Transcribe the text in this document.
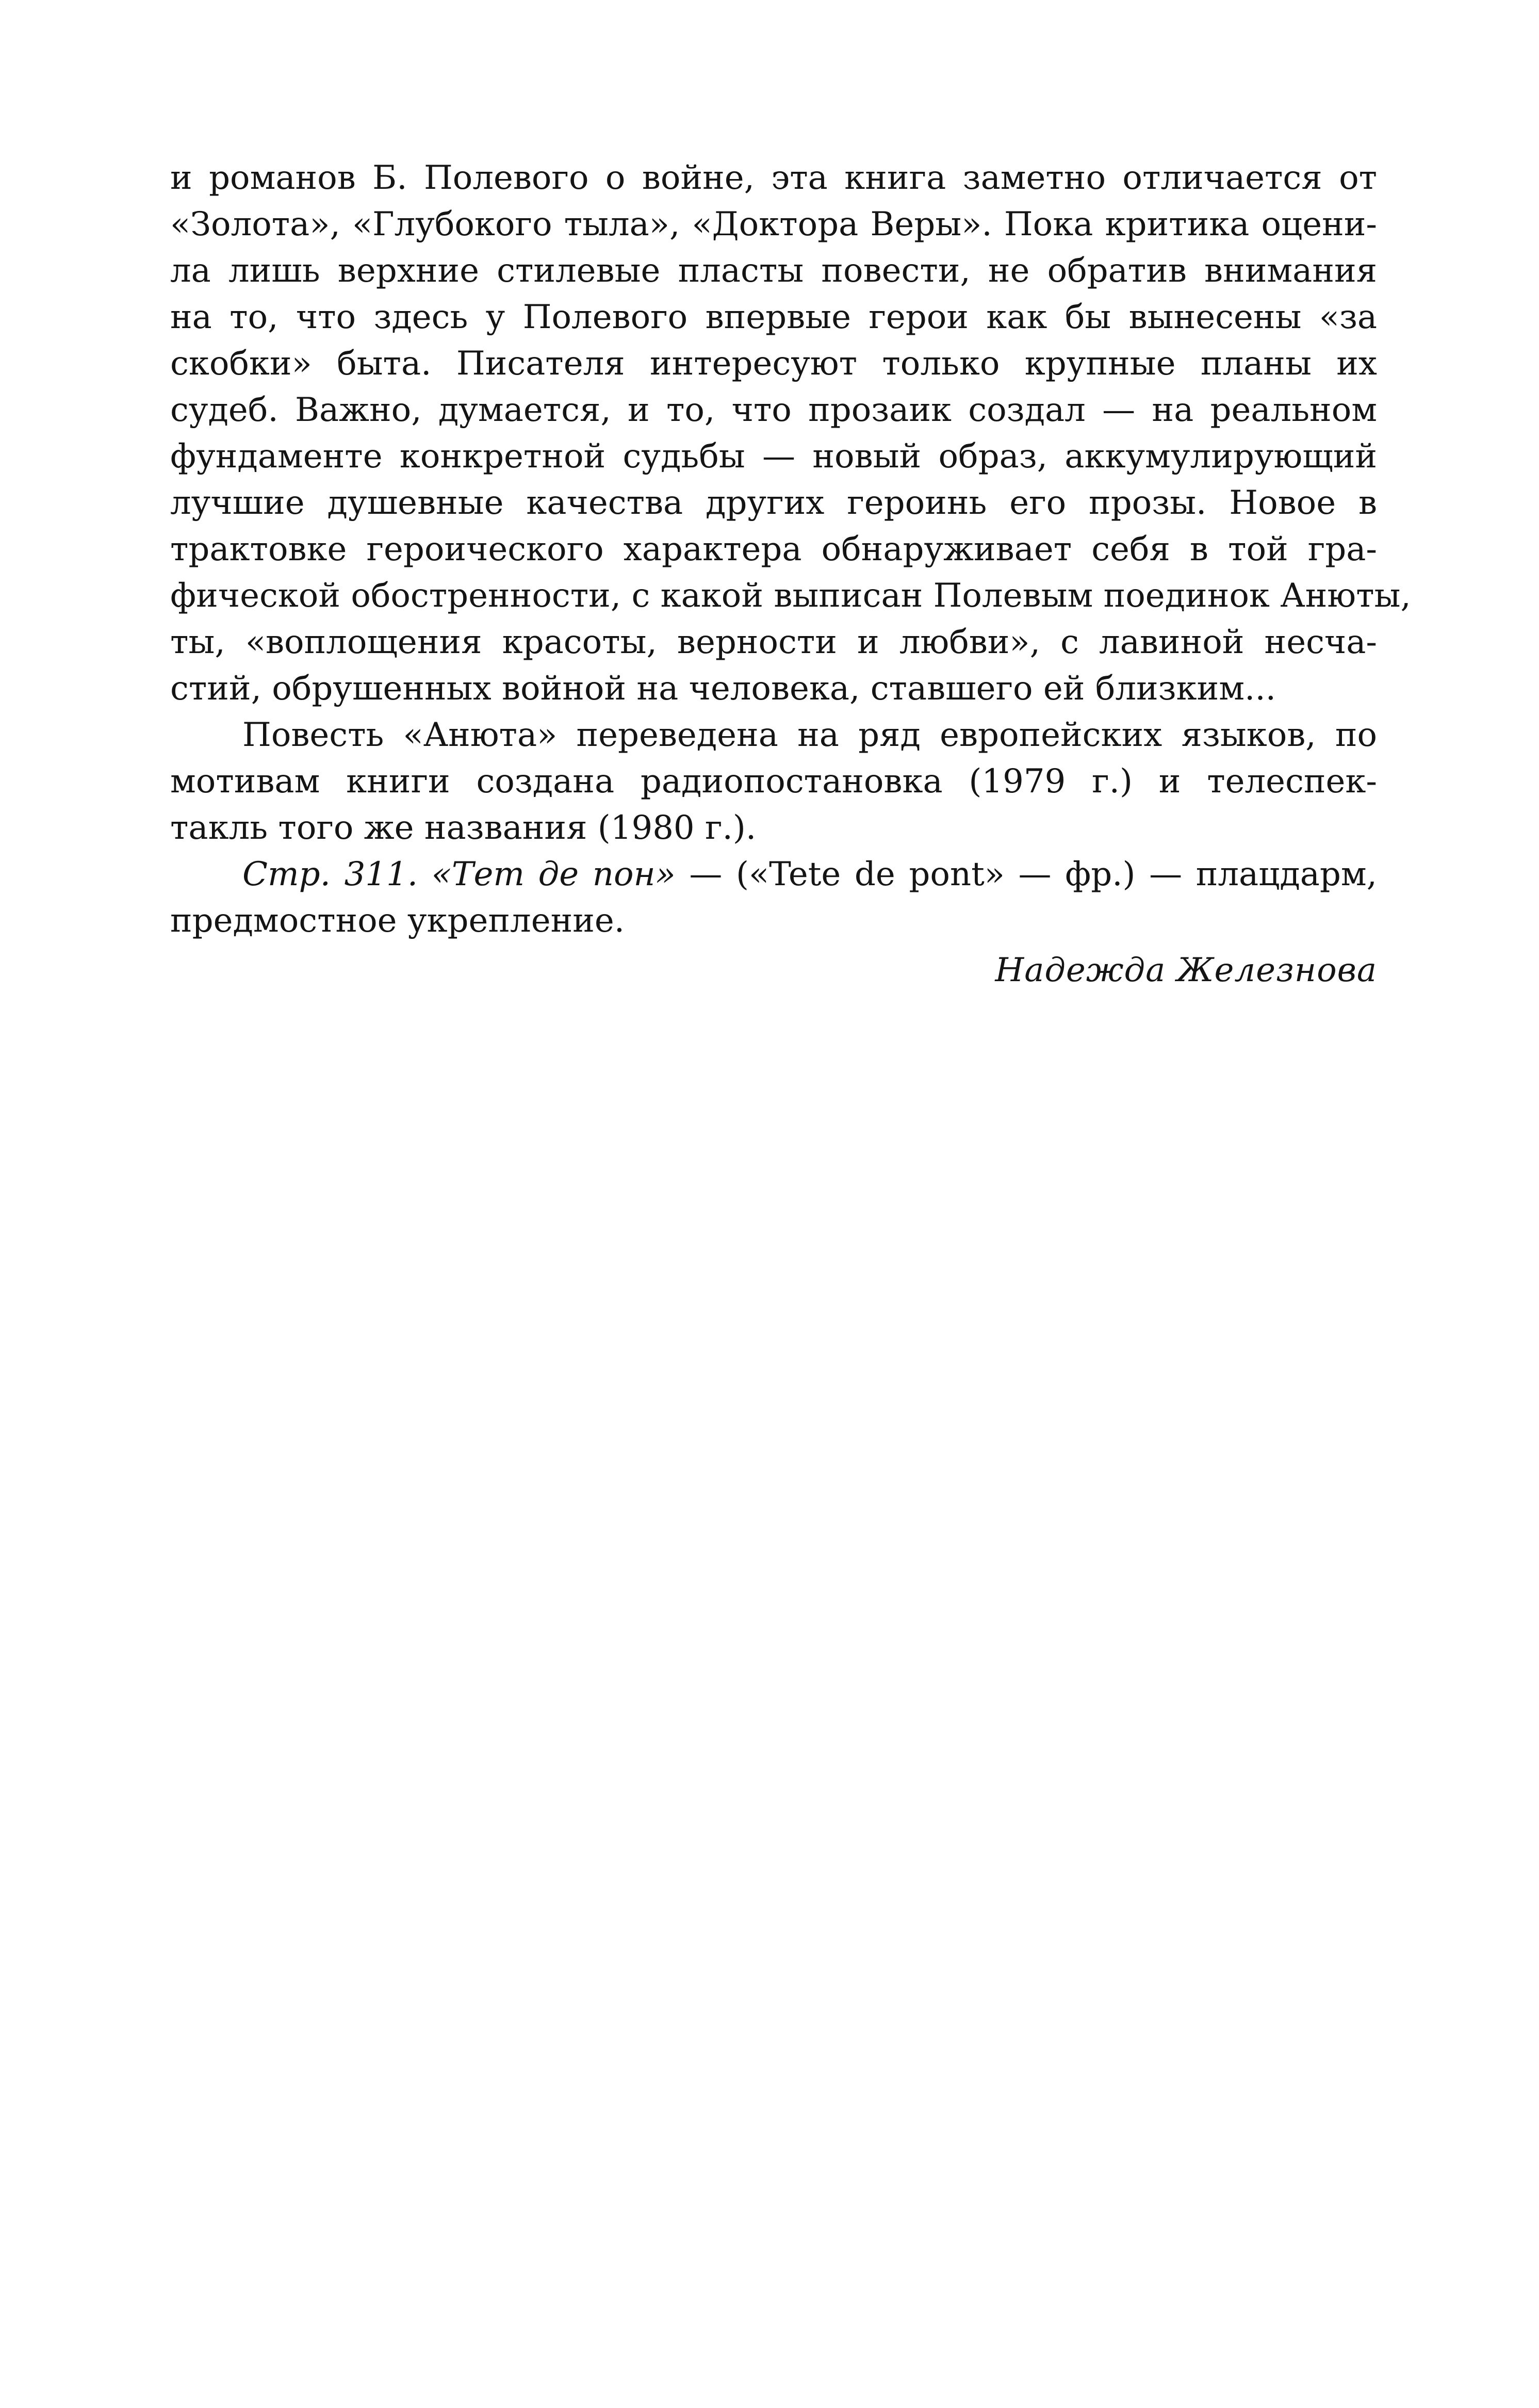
и романов Б. Полевого о войне, эта книга заметно отличается от
«Золота», «Глубокого тыла», «Доктора Веры». Пока критика оцени-
ла лишь верхние стилевые пласты повести, не обратив внимания
на то, что здесь у Полевого впервые герои как бы вынесены «за
скобки» быта. Писателя интересуют только крупные планы их
судеб. Важно, думается, и то, что прозаик создал — на реальном
фундаменте конкретной судьбы — новый образ, аккумулирующий
лучшие душевные качества других героинь его прозы. Новое в
трактовке героического характера обнаруживает себя в той гра-
фической обостренности, с какой выписан Полевым поединок Анюты,
ты, «воплощения красоты, верности и любви», с лавиной несча-
стий, обрушенных войной на человека, ставшего ей близким...

Повесть «Анюта» переведена на ряд европейских языков, по
мотивам книги создана радиопостановка (1979 г.) и телеспек-
такль того же названия (1980 г.).

Стр. 311. «Тет де пон» — («Tete de pont» — фр.) — плацдарм,
предмостное укрепление.

Надежда Железнова
